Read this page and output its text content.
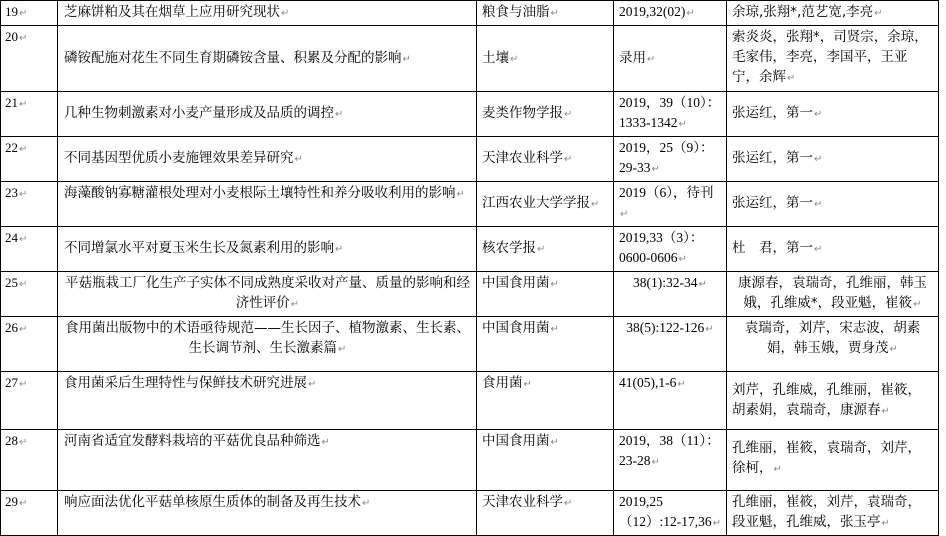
19↵	芝麻饼粕及其在烟草上应用研究现状↵	粮食与油脂↵	2019,32(02)↵	余琼,张翔*,范艺宽,李亮↵
20↵	磷铵配施对花生不同生育期磷铵含量、积累及分配的影响↵	土壤↵	录用↵	索炎炎，张翔*，司贤宗，余琼，毛家伟，李亮，李国平，王亚宁，余辉↵
21↵	几种生物刺激素对小麦产量形成及品质的调控↵	麦类作物学报↵	2019，39（10）：1333-1342↵	张运红，第一↵
22↵	不同基因型优质小麦施锂效果差异研究↵	天津农业科学↵	2019，25（9）：29-33↵	张运红，第一↵
23↵	海藻酸钠寡糖灌根处理对小麦根际土壤特性和养分吸收利用的影响↵	江西农业大学学报↵	2019（6），待刊↵	张运红，第一↵
24↵	不同增氯水平对夏玉米生长及氮素利用的影响↵	核农学报↵	2019,33（3）：0600-0606↵	杜　君，第一↵
25↵	平菇瓶栽工厂化生产子实体不同成熟度采收对产量、质量的影响和经济性评价↵	中国食用菌↵	38(1):32-34↵	康源春，袁瑞奇，孔维丽，韩玉娥，孔维威*，段亚魁，崔筱↵
26↵	食用菌出版物中的术语亟待规范——生长因子、植物激素、生长素、生长调节剂、生长激素篇↵	中国食用菌↵	38(5):122-126↵	袁瑞奇，刘芹，宋志波，胡素娟，韩玉娥，贾身茂↵
27↵	食用菌采后生理特性与保鲜技术研究进展↵	食用菌↵	41(05),1-6↵	刘芹，孔维威，孔维丽，崔筱，胡素娟，袁瑞奇，康源春↵
28↵	河南省适宜发酵料栽培的平菇优良品种筛选↵	中国食用菌↵	2019，38（11）：23-28↵	孔维丽，崔筱，袁瑞奇，刘芹，徐柯，↵
29↵	响应面法优化平菇单核原生质体的制备及再生技术↵	天津农业科学↵	2019,25（12）:12-17,36↵	孔维丽，崔筱，刘芹，袁瑞奇，段亚魁，孔维威，张玉亭↵
